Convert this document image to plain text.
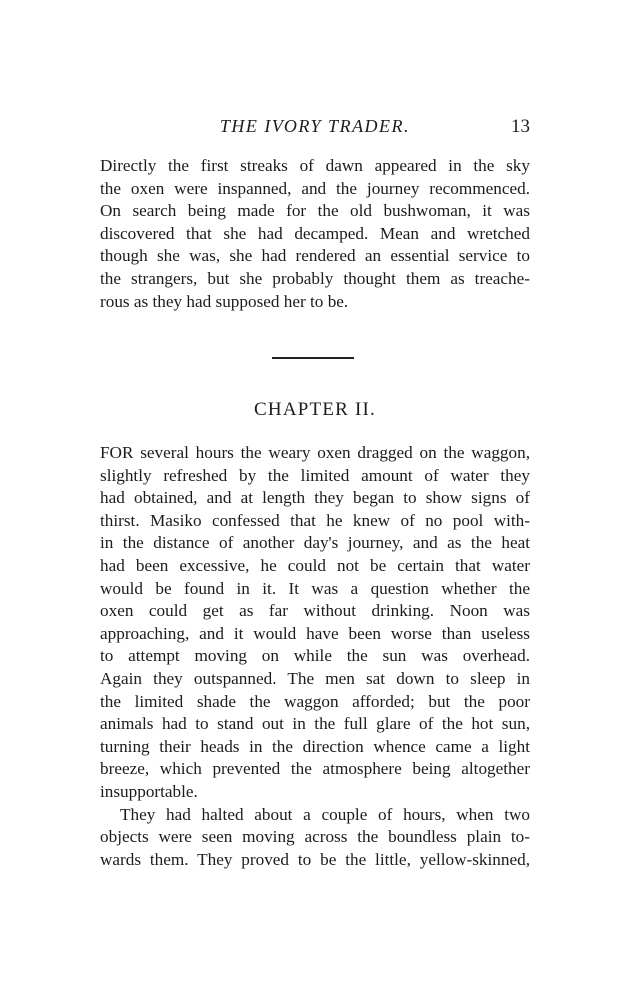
THE IVORY TRADER.	13
Directly the first streaks of dawn appeared in the sky
the oxen were inspanned, and the journey recommenced.
On search being made for the old bushwoman, it was
discovered that she had decamped. Mean and wretched
though she was, she had rendered an essential service to
the strangers, but she probably thought them as treache-
rous as they had supposed her to be.
CHAPTER II.
FOR several hours the weary oxen dragged on the waggon,
slightly refreshed by the limited amount of water they
had obtained, and at length they began to show signs of
thirst. Masiko confessed that he knew of no pool with-
in the distance of another day's journey, and as the heat
had been excessive, he could not be certain that water
would be found in it. It was a question whether the
oxen could get as far without drinking. Noon was
approaching, and it would have been worse than useless
to attempt moving on while the sun was overhead.
Again they outspanned. The men sat down to sleep in
the limited shade the waggon afforded; but the poor
animals had to stand out in the full glare of the hot sun,
turning their heads in the direction whence came a light
breeze, which prevented the atmosphere being altogether
insupportable.
They had halted about a couple of hours, when two
objects were seen moving across the boundless plain to-
wards them. They proved to be the little, yellow-skinned,
